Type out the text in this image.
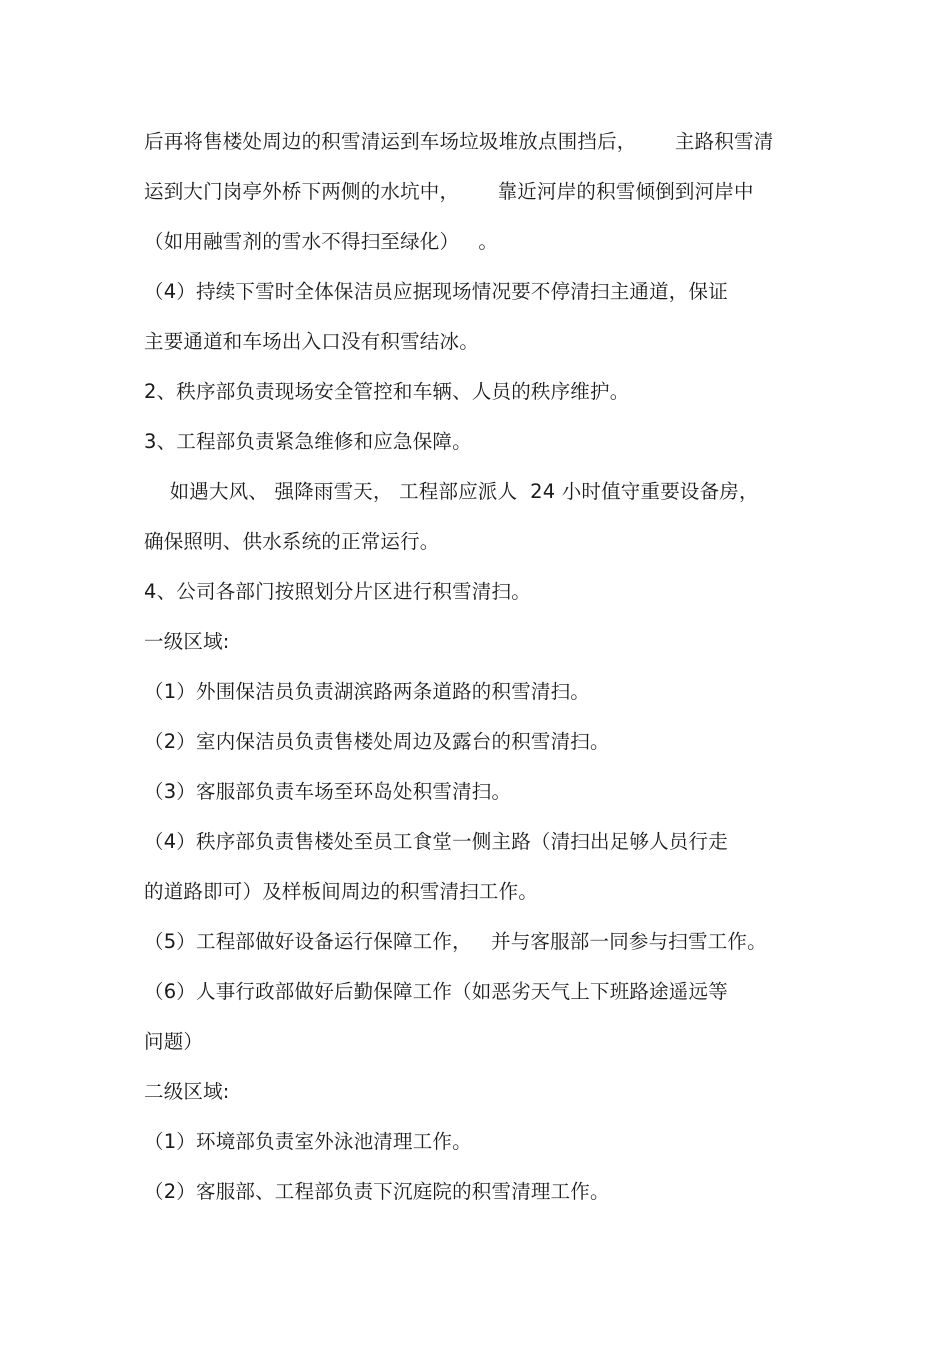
后再将售楼处周边的积雪清运到车场垃圾堆放点围挡后，      主路积雪清
运到大门岗亭外桥下两侧的水坑中，      靠近河岸的积雪倾倒到河岸中
（如用融雪剂的雪水不得扫至绿化）   。
（4）持续下雪时全体保洁员应据现场情况要不停清扫主通道，保证
主要通道和车场出入口没有积雪结冰。
2、秩序部负责现场安全管控和车辆、人员的秩序维护。
3、工程部负责紧急维修和应急保障。
如遇大风、 强降雨雪天， 工程部应派人  24 小时值守重要设备房，
确保照明、供水系统的正常运行。
4、公司各部门按照划分片区进行积雪清扫。
一级区域:
（1）外围保洁员负责湖滨路两条道路的积雪清扫。
（2）室内保洁员负责售楼处周边及露台的积雪清扫。
（3）客服部负责车场至环岛处积雪清扫。
（4）秩序部负责售楼处至员工食堂一侧主路（清扫出足够人员行走
的道路即可）及样板间周边的积雪清扫工作。
（5）工程部做好设备运行保障工作，   并与客服部一同参与扫雪工作。
（6）人事行政部做好后勤保障工作（如恶劣天气上下班路途遥远等
问题）
二级区域:
（1）环境部负责室外泳池清理工作。
（2）客服部、工程部负责下沉庭院的积雪清理工作。
